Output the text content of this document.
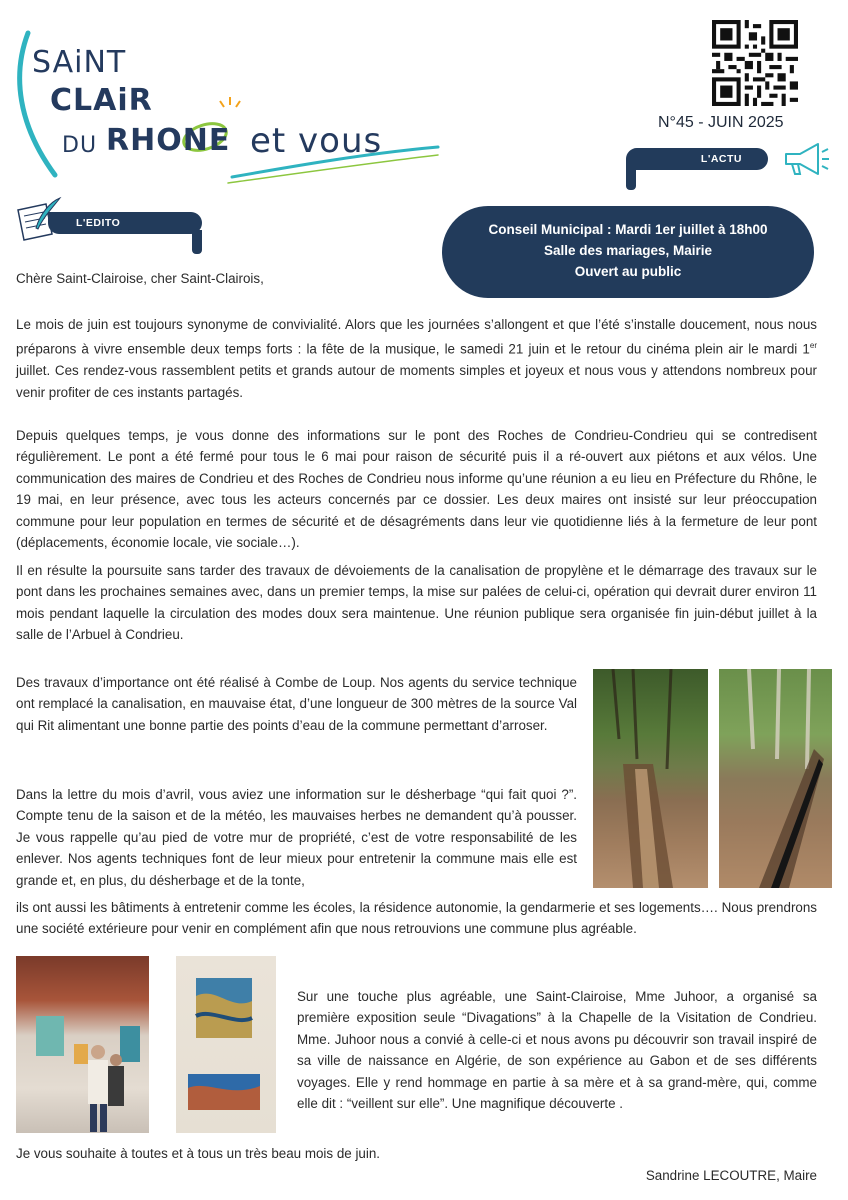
SAiNT
CLAiR
DU RHONE et vous	N°45 - JUIN 2025
L'ACTU
L'EDITO	Conseil Municipal : Mardi 1er juillet à 18h00
Salle des mariages, Mairie
Ouvert au public

Chère Saint-Clairoise, cher Saint-Clairois,

Le mois de juin est toujours synonyme de convivialité. Alors que les journées s’allongent et que l’été s’installe doucement, nous nous préparons à vivre ensemble deux temps forts : la fête de la musique, le samedi 21 juin et le retour du cinéma plein air le mardi 1er juillet. Ces rendez-vous rassemblent petits et grands autour de moments simples et joyeux et nous vous y attendons nombreux pour venir profiter de ces instants partagés.

Depuis quelques temps, je vous donne des informations sur le pont des Roches de Condrieu-Condrieu qui se contredisent régulièrement. Le pont a été fermé pour tous le 6 mai pour raison de sécurité puis il a ré-ouvert aux piétons et aux vélos. Une communication des maires de Condrieu et des Roches de Condrieu nous informe qu’une réunion a eu lieu en Préfecture du Rhône, le 19 mai, en leur présence, avec tous les acteurs concernés par ce dossier. Les deux maires ont insisté sur leur préoccupation commune pour leur population en termes de sécurité et de désagréments dans leur vie quotidienne liés à la fermeture de leur pont (déplacements, économie locale, vie sociale…).

Il en résulte la poursuite sans tarder des travaux de dévoiements de la canalisation de propylène et le démarrage des travaux sur le pont dans les prochaines semaines avec, dans un premier temps, la mise sur palées de celui-ci, opération qui devrait durer environ 11 mois pendant laquelle la circulation des modes doux sera maintenue. Une réunion publique sera organisée fin juin-début juillet à la salle de l’Arbuel à Condrieu.

Des travaux d’importance ont été réalisé à Combe de Loup. Nos agents du service technique ont remplacé la canalisation, en mauvaise état, d’une longueur de 300 mètres de la source Val qui Rit alimentant une bonne partie des points d’eau de la commune permettant d’arroser.

Dans la lettre du mois d’avril, vous aviez une information sur le désherbage “qui fait quoi ?”. Compte tenu de la saison et de la météo, les mauvaises herbes ne demandent qu’à pousser. Je vous rappelle qu’au pied de votre mur de propriété, c’est de votre responsabilité de les enlever. Nos agents techniques font de leur mieux pour entretenir la commune mais elle est grande et, en plus, du désherbage et de la tonte,

ils ont aussi les bâtiments à entretenir comme les écoles, la résidence autonomie, la gendarmerie et ses logements…. Nous prendrons une société extérieure pour venir en complément afin que nous retrouvions une commune plus agréable.

Sur une touche plus agréable, une Saint-Clairoise, Mme Juhoor, a organisé sa première exposition seule “Divagations” à la Chapelle de la Visitation de Condrieu. Mme. Juhoor nous a convié à celle-ci et nous avons pu découvrir son travail inspiré de sa ville de naissance en Algérie, de son expérience au Gabon et de ses différents voyages. Elle y rend hommage en partie à sa mère et à sa grand-mère, qui, comme elle dit : “veillent sur elle”. Une magnifique découverte .

Je vous souhaite à toutes et à tous un très beau mois de juin.

Sandrine LECOUTRE, Maire
